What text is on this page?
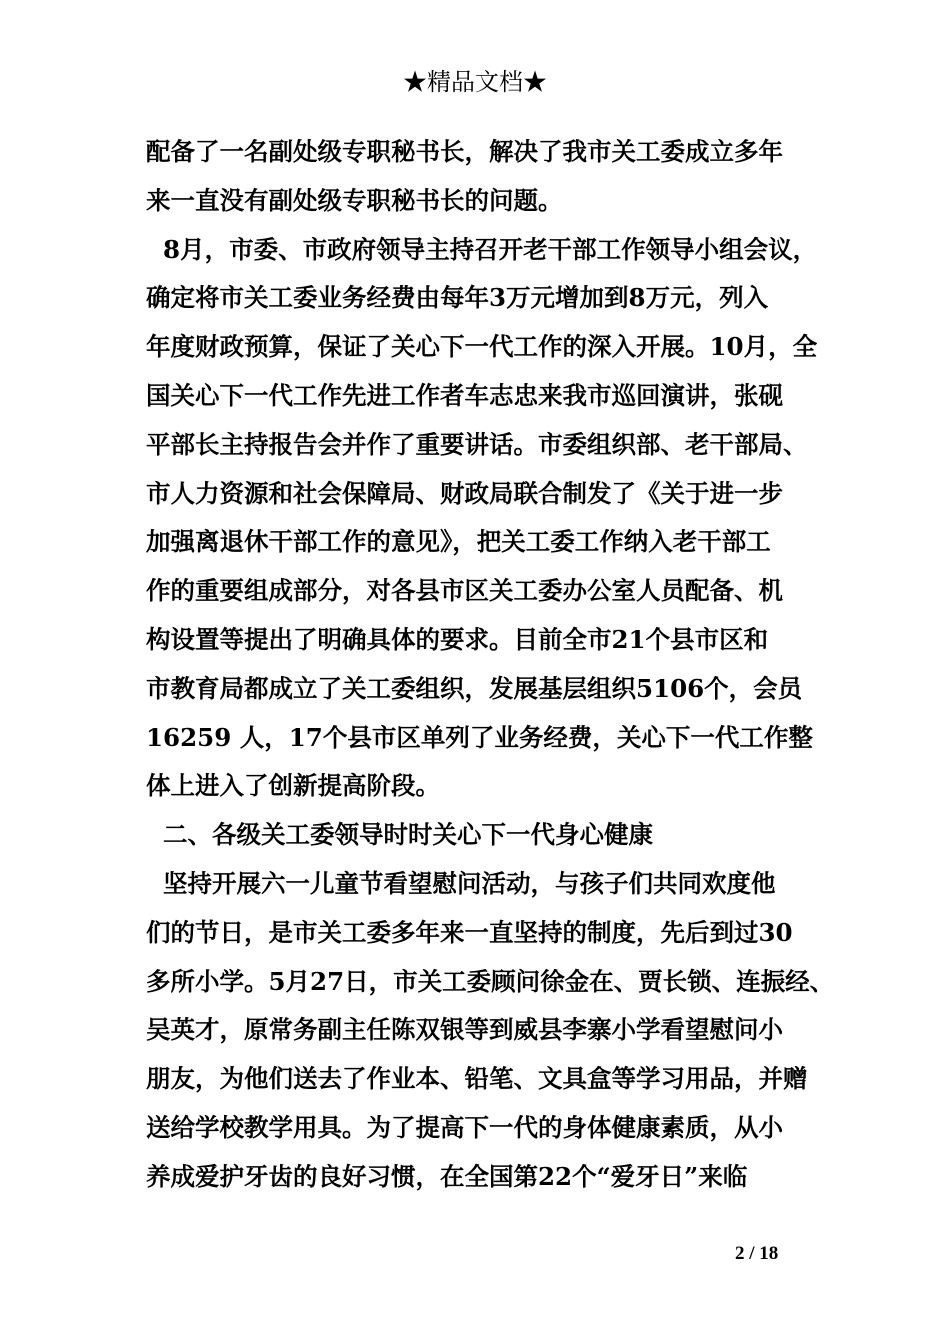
★精品文档★
配备了一名副处级专职秘书长，解决了我市关工委成立多年
来一直没有副处级专职秘书长的问题。
8月，市委、市政府领导主持召开老干部工作领导小组会议，
确定将市关工委业务经费由每年3万元增加到8万元，列入
年度财政预算，保证了关心下一代工作的深入开展。10月，全
国关心下一代工作先进工作者车志忠来我市巡回演讲，张砚
平部长主持报告会并作了重要讲话。市委组织部、老干部局、
市人力资源和社会保障局、财政局联合制发了《关于进一步
加强离退休干部工作的意见》，把关工委工作纳入老干部工
作的重要组成部分，对各县市区关工委办公室人员配备、机
构设置等提出了明确具体的要求。目前全市21个县市区和
市教育局都成立了关工委组织，发展基层组织5106个，会员
16259 人，17个县市区单列了业务经费，关心下一代工作整
体上进入了创新提高阶段。
二、各级关工委领导时时关心下一代身心健康
坚持开展六一儿童节看望慰问活动，与孩子们共同欢度他
们的节日，是市关工委多年来一直坚持的制度，先后到过30
多所小学。5月27日，市关工委顾问徐金在、贾长锁、连振经、
吴英才，原常务副主任陈双银等到威县李寨小学看望慰问小
朋友，为他们送去了作业本、铅笔、文具盒等学习用品，并赠
送给学校教学用具。为了提高下一代的身体健康素质，从小
养成爱护牙齿的良好习惯，在全国第22个“爱牙日”来临
2 / 18
